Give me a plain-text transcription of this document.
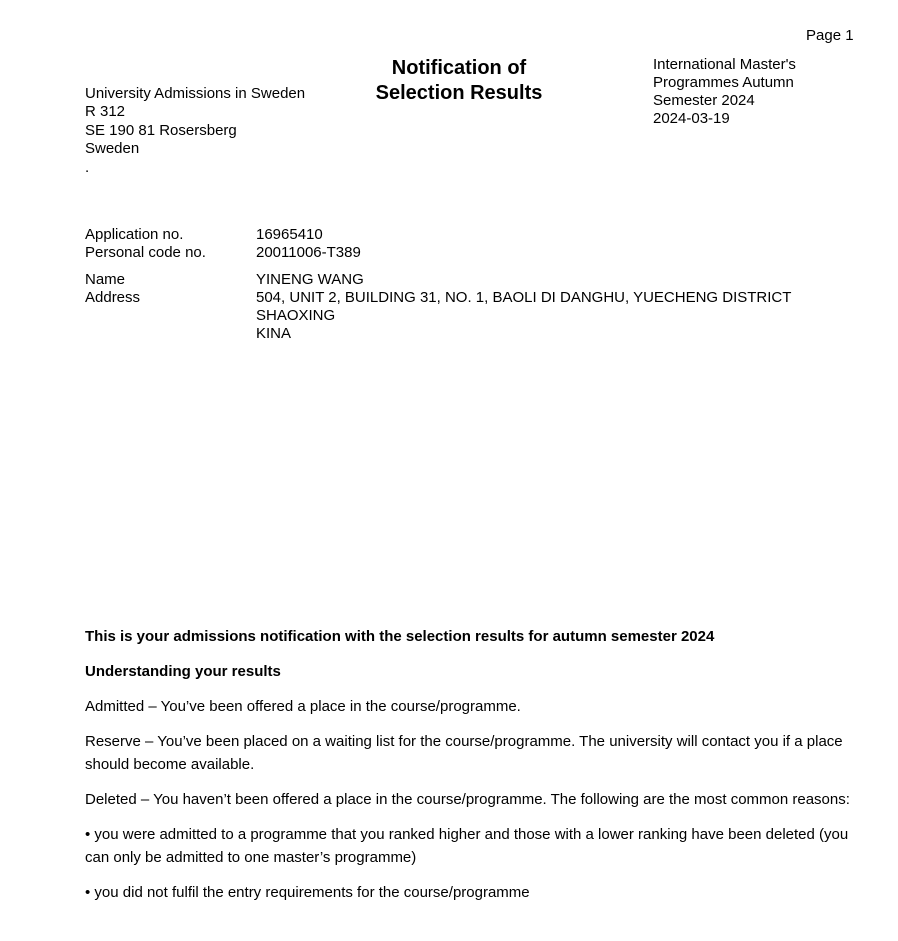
Page 1
Notification of
Selection Results
International Master's
Programmes Autumn
Semester 2024
2024-03-19
University Admissions in Sweden
R 312
SE 190 81 Rosersberg
Sweden
.
Application no.	16965410
Personal code no.	20011006-T389
Name	YINENG WANG
Address	504, UNIT 2, BUILDING 31, NO. 1, BAOLI DI DANGHU, YUECHENG DISTRICT
SHAOXING
KINA

This is your admissions notification with the selection results for autumn semester 2024

Understanding your results

Admitted – You’ve been offered a place in the course/programme.

Reserve – You’ve been placed on a waiting list for the course/programme. The university will contact you if a place should become available.

Deleted – You haven’t been offered a place in the course/programme. The following are the most common reasons:

• you were admitted to a programme that you ranked higher and those with a lower ranking have been deleted (you can only be admitted to one master’s programme)

• you did not fulfil the entry requirements for the course/programme
